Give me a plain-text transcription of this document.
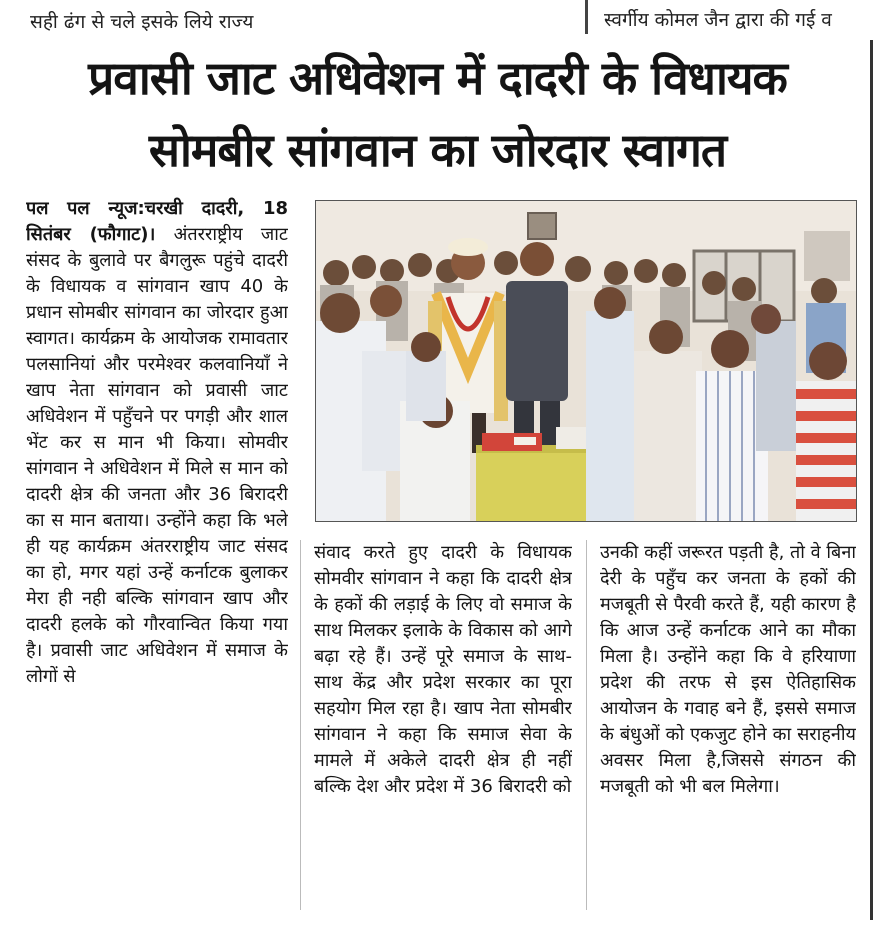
सही ढंग से चले इसके लिये राज्य	स्वर्गीय कोमल जैन द्वारा की गई व
प्रवासी जाट अधिवेशन में दादरी के विधायक
सोमबीर सांगवान का जोरदार स्वागत

पल पल न्यूज:चरखी दादरी, 18 सितंबर (फौगाट)। अंतरराष्ट्रीय जाट संसद के बुलावे पर बैगलुरू पहुंचे दादरी के विधायक व सांगवान खाप 40 के प्रधान सोमबीर सांगवान का जोरदार हुआ स्वागत। कार्यक्रम के आयोजक रामावतार पलसानियां और परमेश्वर कलवानियाँ ने खाप नेता सांगवान को प्रवासी जाट अधिवेशन में पहुँचने पर पगड़ी और शाल भेंट कर स मान भी किया। सोमवीर सांगवान ने अधिवेशन में मिले स मान को दादरी क्षेत्र की जनता और 36 बिरादरी का स मान बताया। उन्होंने कहा कि भले ही यह कार्यक्रम अंतरराष्ट्रीय जाट संसद का हो, मगर यहां उन्हें कर्नाटक बुलाकर मेरा ही नही बल्कि सांगवान खाप और दादरी हलके को गौरवान्वित किया गया है। प्रवासी जाट अधिवेशन में समाज के लोगों से

संवाद करते हुए दादरी के विधायक सोमवीर सांगवान ने कहा कि दादरी क्षेत्र के हकों की लड़ाई के लिए वो समाज के साथ मिलकर इलाके के विकास को आगे बढ़ा रहे हैं। उन्हें पूरे समाज के साथ-साथ केंद्र और प्रदेश सरकार का पूरा सहयोग मिल रहा है। खाप नेता सोमबीर सांगवान ने कहा कि समाज सेवा के मामले में अकेले दादरी क्षेत्र ही नहीं बल्कि देश और प्रदेश में 36 बिरादरी को

उनकी कहीं जरूरत पड़ती है, तो वे बिना देरी के पहुँच कर जनता के हकों की मजबूती से पैरवी करते हैं, यही कारण है कि आज उन्हें कर्नाटक आने का मौका मिला है। उन्होंने कहा कि वे हरियाणा प्रदेश की तरफ से इस ऐतिहासिक आयोजन के गवाह बने हैं, इससे समाज के बंधुओं को एकजुट होने का सराहनीय अवसर मिला है,जिससे संगठन की मजबूती को भी बल मिलेगा।
